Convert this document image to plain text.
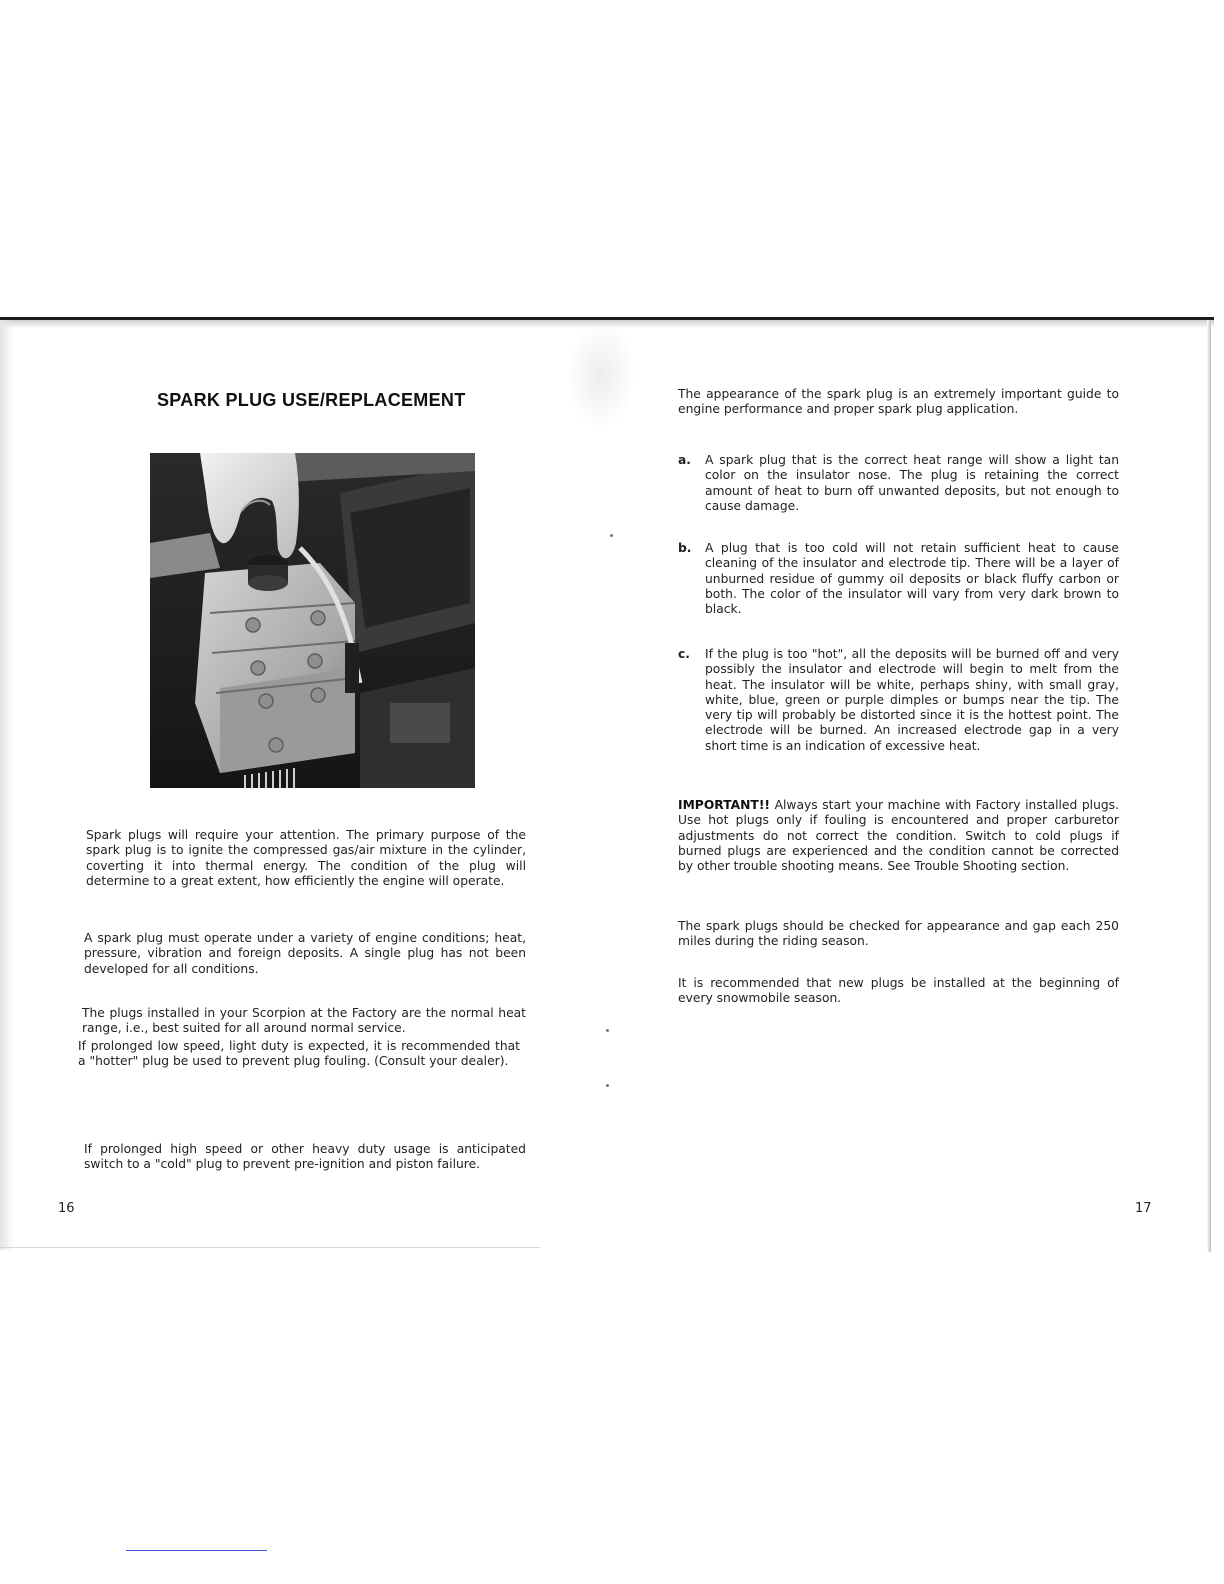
SPARK PLUG USE/REPLACEMENT

Spark plugs will require your attention. The primary purpose of the spark plug is to ignite the compressed gas/air mixture in the cylinder, coverting it into thermal energy. The condition of the plug will determine to a great extent, how efficiently the engine will operate.

A spark plug must operate under a variety of engine conditions; heat, pressure, vibration and foreign deposits. A single plug has not been developed for all conditions.

The plugs installed in your Scorpion at the Factory are the normal heat range, i.e., best suited for all around normal service.

If prolonged low speed, light duty is expected, it is recommended that a "hotter" plug be used to prevent plug fouling. (Consult your dealer).

If prolonged high speed or other heavy duty usage is anticipated switch to a "cold" plug to prevent pre-ignition and piston failure.

16

The appearance of the spark plug is an extremely important guide to engine performance and proper spark plug application.

a. A spark plug that is the correct heat range will show a light tan color on the insulator nose. The plug is retaining the correct amount of heat to burn off unwanted deposits, but not enough to cause damage.

b. A plug that is too cold will not retain sufficient heat to cause cleaning of the insulator and electrode tip. There will be a layer of unburned residue of gummy oil deposits or black fluffy carbon or both. The color of the insulator will vary from very dark brown to black.

c. If the plug is too "hot", all the deposits will be burned off and very possibly the insulator and electrode will begin to melt from the heat. The insulator will be white, perhaps shiny, with small gray, white, blue, green or purple dimples or bumps near the tip. The very tip will probably be distorted since it is the hottest point. The electrode will be burned. An increased electrode gap in a very short time is an indication of excessive heat.

IMPORTANT!! Always start your machine with Factory installed plugs. Use hot plugs only if fouling is encountered and proper carburetor adjustments do not correct the condition. Switch to cold plugs if burned plugs are experienced and the condition cannot be corrected by other trouble shooting means. See Trouble Shooting section.

The spark plugs should be checked for appearance and gap each 250 miles during the riding season.

It is recommended that new plugs be installed at the beginning of every snowmobile season.

17
